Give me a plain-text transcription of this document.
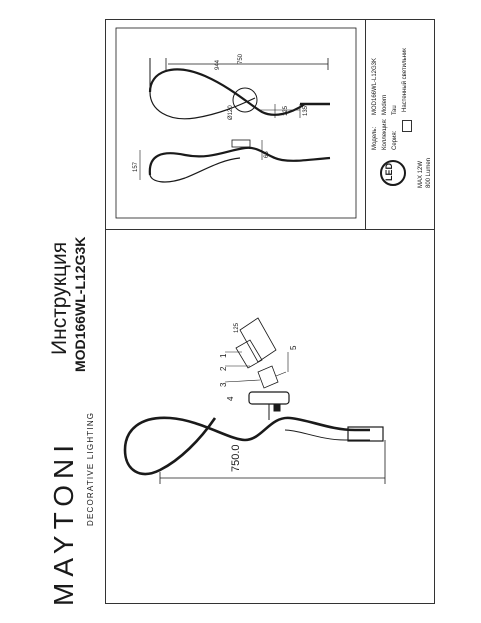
MAYTONI DECORATIVE LIGHTING
Инструкция MOD166WL-L12G3K
750.0
1
2
3
4
5
125
944
750
157
125
Ø120	135
65
Модель:
MOD166WL-L12G3K
Коллекция:
Modern
Серия:
Tau Настенный светильник
LED	MAX 12W 800 Lumen
